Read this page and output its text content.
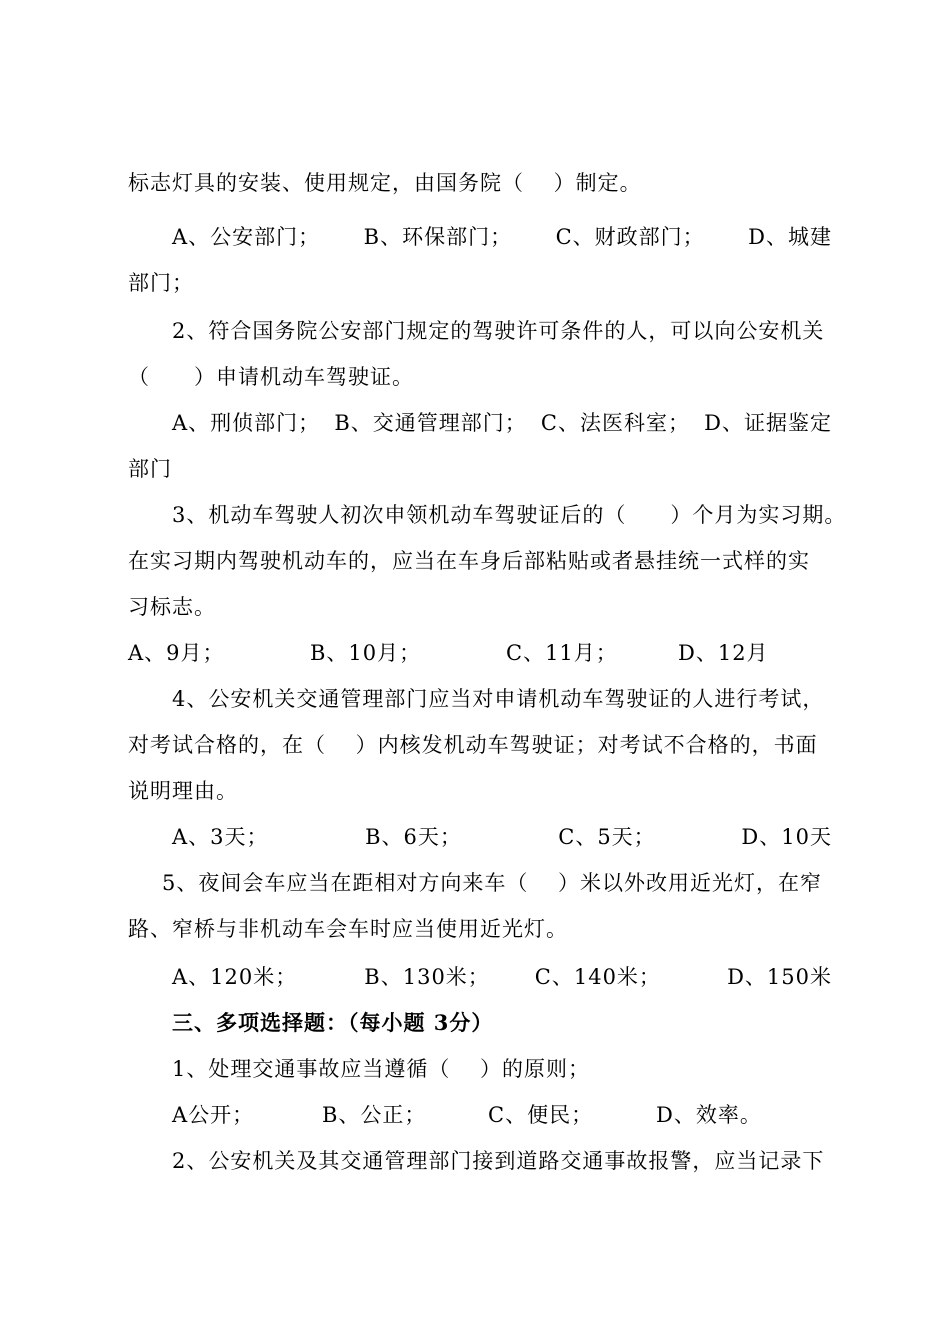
标志灯具的安装、使用规定，由国务院（　 ）制定。
A、公安部门； B、环保部门； C、财政部门； D、城建
部门；
2、符合国务院公安部门规定的驾驶许可条件的人，可以向公安机关
（　　）申请机动车驾驶证。
A、刑侦部门； B、交通管理部门； C、法医科室； D、证据鉴定
部门
3、机动车驾驶人初次申领机动车驾驶证后的（　　）个月为实习期。
在实习期内驾驶机动车的，应当在车身后部粘贴或者悬挂统一式样的实
习标志。
A、9月；	B、10月；	C、11月；	D、12月
4、公安机关交通管理部门应当对申请机动车驾驶证的人进行考试，
对考试合格的，在（　 ）内核发机动车驾驶证；对考试不合格的，书面
说明理由。
A、3天；	B、6天；	C、5天；	D、10天
5、夜间会车应当在距相对方向来车（　 ）米以外改用近光灯，在窄
路、窄桥与非机动车会车时应当使用近光灯。
A、120米；	B、130米；	C、140米；	D、150米
三、多项选择题：（每小题 3分）
1、处理交通事故应当遵循（　 ）的原则；
A公开；	B、公正；	C、便民；	D、效率。
2、公安机关及其交通管理部门接到道路交通事故报警，应当记录下
